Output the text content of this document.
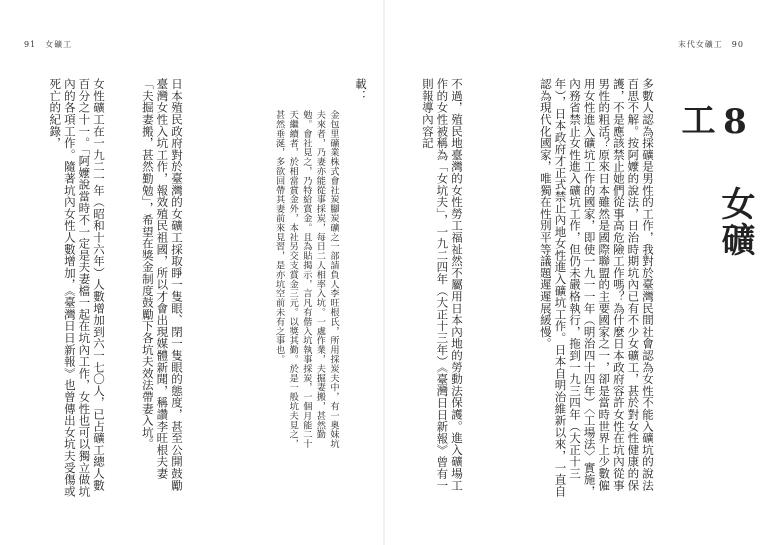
91　女礦工	末代女礦工　90
8 女礦工
多數人認為採礦是男性的工作，我對於臺灣民間社會認為女性不能入礦坑的說法百思不解。按阿嬤的說法，日治時期坑內已有不少女礦工，甚於對女性健康的保護，不是應該禁止她們從事高危險工作嗎？為什麼日本政府容許女性在坑內從事男性的粗活？原來日本雖然是國際聯盟的主要國家之一，卻是當時世界上少數僱用女性進入礦坑工作的國家，即使一九一一年（明治四十四年）〈工場法〉實施，內務省禁止女性進入礦坑工作，但仍未嚴格執行，拖到一九三四年（大正十三年），日本政府才正式禁止內地女性進入礦坑工作。日本自明治維新以來，一直自認為現代化國家，唯獨在性別平等議題遲遲展緩慢。
不過，殖民地臺灣的女性勞工福祉然不屬用日本內地的勞動法保護。進入礦場工作的女性被稱為「女坑夫」，一九二四年（大正十三年）《臺灣日日新報》曾有一則報導內容記
載：
金包里礦業株式會社炭腳炭礦之一部請負人李旺根氏，所用採炭夫中，有一奧妹坑夫來者，乃妻亦能從事採炭，每日二人相率入坑。一處作業，夫掘妻搬，甚然勤勉。會社見之，乃特給賞金。且為貼揭示，言凡有偕入坑執事採炭，一個月能二十天繼續者，於相當賞金外，本社另交支賞金三元。以獎其勤。於是一般坑夫見之，甚然垂涎，多欲回帶其妻前來見習，是亦坑空前未有之事也。
日本殖民政府對於臺灣的女礦工採取睜一隻眼、閉一隻眼的態度，甚至公開鼓勵臺灣女性入坑工作，報效殖民祖國，所以才會出現媒體新聞，稱讚李旺根夫妻「夫掘妻搬，甚然勤勉」，希望在獎金制度鼓勵下各坑夫效法帶妻入坑。
女性礦工在一九二一年（昭和十六年）人數增加到六一七〇人，已占礦工總人數百分之十一。「阿嬤說當時不一定是夫妻檔一起在坑內工作，女性也可以獨立做坑內的各項工作。隨著坑內女性人數增加，《臺灣日日新報》也曾傳出女坑夫受傷或死亡的紀錄，
